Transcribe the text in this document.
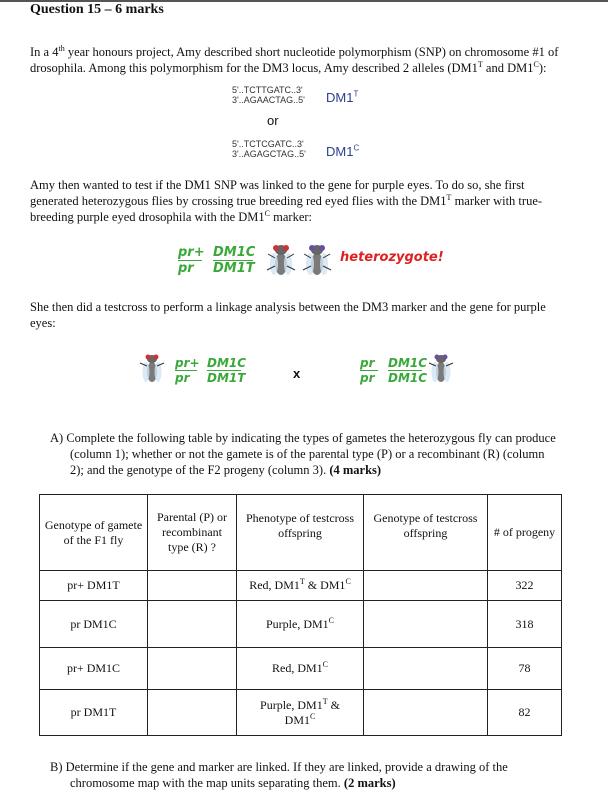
Question 15 – 6 marks
In a 4th year honours project, Amy described short nucleotide polymorphism (SNP) on chromosome #1 of
drosophila. Among this polymorphism for the DM3 locus, Amy described 2 alleles ($DM1^T$ and $DM1^C$):
5'..TCTTGATC..3'
3'..AGAACTAG..5' $DM1^T$
or
5'..TCTCGATC..3'
3'..AGAGCTAG..5' $DM1^C$
Amy then wanted to test if the DM1 SNP was linked to the gene for purple eyes. To do so, she first
generated heterozygous flies by crossing true breeding red eyed flies with the $DM1^T$ marker with true-
breeding purple eyed drosophila with the $DM1^C$ marker:
pr+
pr
DM1C
DM1T
heterozygote!
She then did a testcross to perform a linkage analysis between the DM3 marker and the gene for purple
eyes:
pr+
pr
DM1C
DM1T	x
pr
pr
DM1C
DM1C
A) Complete the following table by indicating the types of gametes the heterozygous fly can produce
(column 1); whether or not the gamete is of the parental type (P) or a recombinant (R) (column
2); and the genotype of the F2 progeny (column 3). (4 marks)
Genotype of gamete of the F1 fly	Parental (P) or recombinant type (R) ?	Phenotype of testcross offspring	Genotype of testcross offspring	# of progeny
pr+ DM1T		Red, $DM1^T$ & $DM1^C$		322
pr DM1C		Purple, $DM1^C$		318
pr+ DM1C		Red, $DM1^C$		78
pr DM1T		Purple, $DM1^T$ &
$DM1^C$		82
B) Determine if the gene and marker are linked. If they are linked, provide a drawing of the
chromosome map with the map units separating them. (2 marks)
